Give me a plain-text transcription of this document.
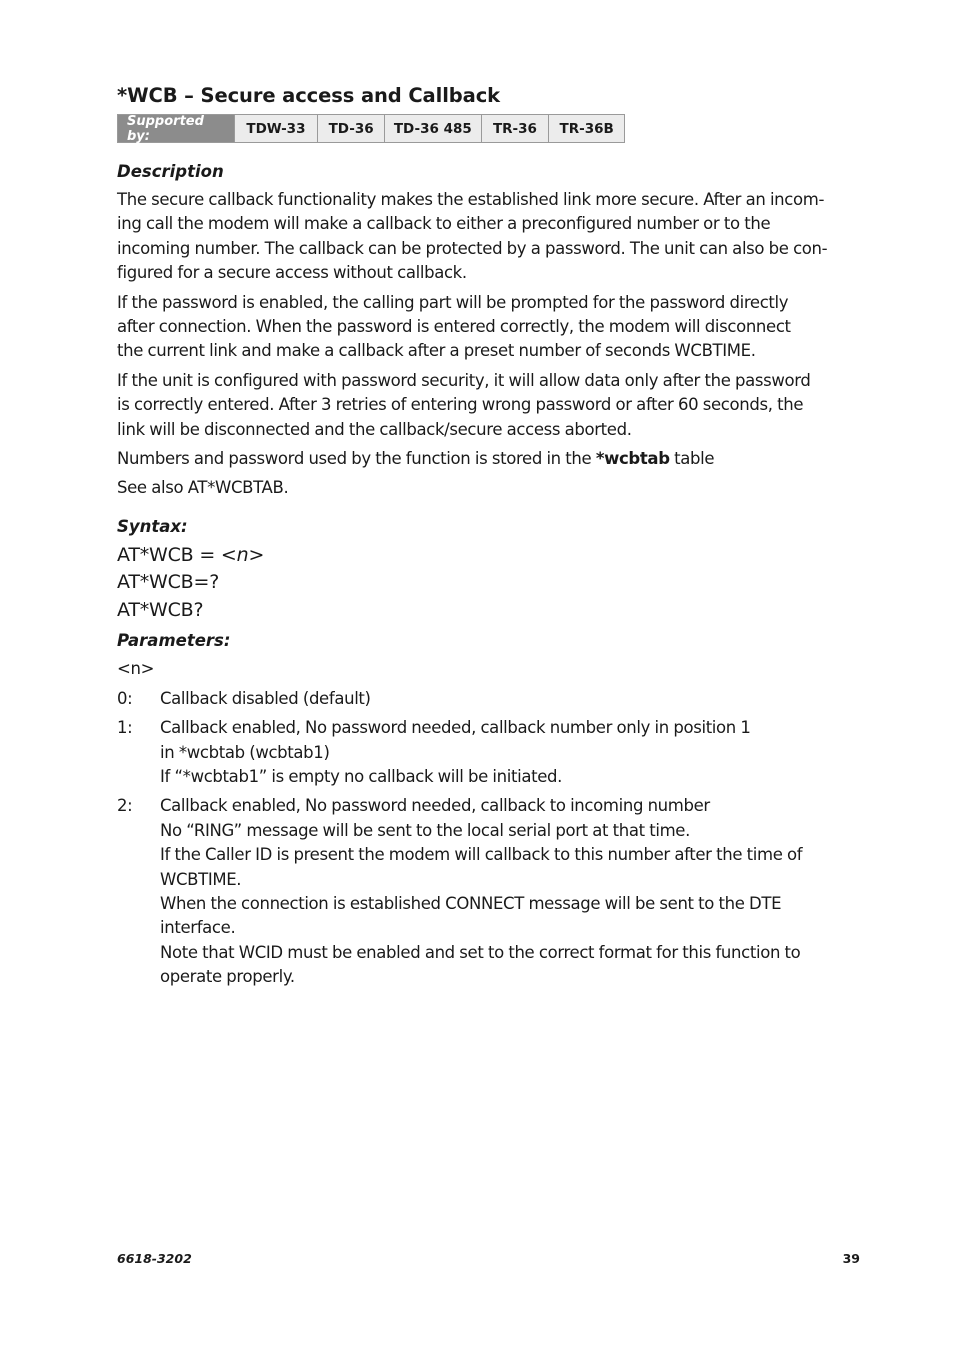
*WCB – Secure access and Callback
Supported by:	TDW-33	TD-36	TD-36 485	TR-36	TR-36B
Description

The secure callback functionality makes the established link more secure. After an incom-
ing call the modem will make a callback to either a preconfigured number or to the
incoming number. The callback can be protected by a password. The unit can also be con-
figured for a secure access without callback.

If the password is enabled, the calling part will be prompted for the password directly
after connection. When the password is entered correctly, the modem will disconnect
the current link and make a callback after a preset number of seconds WCBTIME.

If the unit is configured with password security, it will allow data only after the password
is correctly entered. After 3 retries of entering wrong password or after 60 seconds, the
link will be disconnected and the callback/secure access aborted.

Numbers and password used by the function is stored in the *wcbtab table

See also AT*WCBTAB.

Syntax:
AT*WCB = <n>
AT*WCB=?
AT*WCB?
Parameters:

<n>

0:	Callback disabled (default)
1:	Callback enabled, No password needed, callback number only in position 1
in *wcbtab (wcbtab1)
If “*wcbtab1” is empty no callback will be initiated.
2:	Callback enabled, No password needed, callback to incoming number
No “RING” message will be sent to the local serial port at that time.
If the Caller ID is present the modem will callback to this number after the time of
WCBTIME.
When the connection is established CONNECT message will be sent to the DTE
interface.
Note that WCID must be enabled and set to the correct format for this function to
operate properly.
6618-3202	39
